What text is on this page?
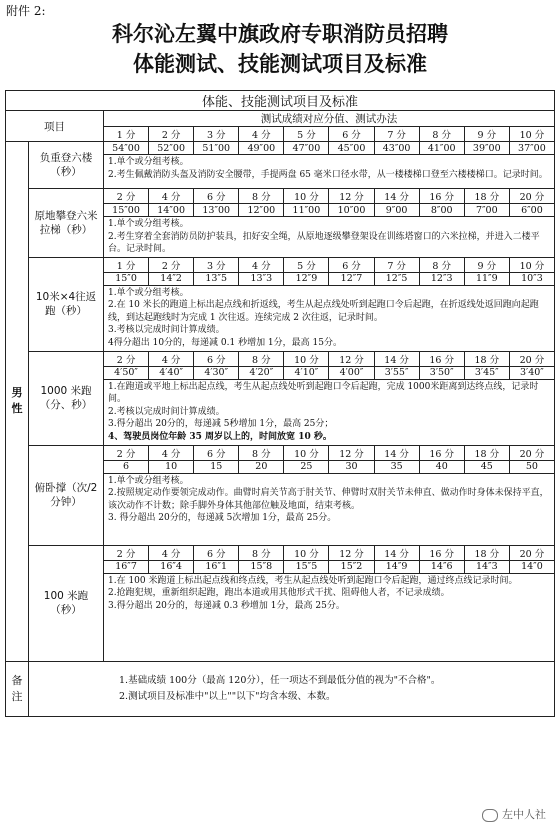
附件 2:
科尔沁左翼中旗政府专职消防员招聘
体能测试、技能测试项目及标准
体能、技能测试项目及标准											
项目		测试成绩对应分值、测试办法									
		1 分	2 分	3 分	4 分	5 分	6 分	7 分	8 分	9 分	10 分
男性	负重登六楼（秒）	54″00	52″00	51″00	49″00	47″00	45″00	43″00	41″00	39″00	37″00

		1.单个或分组考核。
2.考生佩戴消防头盔及消防安全腰带，手提两盘 65 毫米口径水带，从一楼楼梯口登至六楼楼梯口。记录时间。									

	原地攀登六米拉梯（秒）	2 分	4 分	6 分	8 分	10 分	12 分	14 分	16 分	18 分	20 分
		15″00	14″00	13″00	12″00	11″00	10″00	9″00	8″00	7″00	6″00

		1.单个或分组考核。
2.考生穿着全套消防员防护装具，扣好安全绳，从原地逐级攀登架设在训练塔窗口的六米拉梯，并进入二楼平台。记录时间。									

	10米×4往返跑（秒）	1 分	2 分	3 分	4 分	5 分	6 分	7 分	8 分	9 分	10 分
		15″0	14″2	13″5	13″3	12″9	12″7	12″5	12″3	11″9	10″3

		1.单个或分组考核。
2.在 10 米长的跑道上标出起点线和折返线，考生从起点线处听到起跑口令后起跑，在折返线处返回跑向起跑线，到达起跑线时为完成 1 次往返。连续完成 2 次往返，记录时间。
3.考核以完成时间计算成绩。
4得分超出 10分的，每递减 0.1 秒增加 1分，最高 15分。									

	1000 米跑（分、秒）	2 分	4 分	6 分	8 分	10 分	12 分	14 分	16 分	18 分	20 分
		4′50″	4′40″	4′30″	4′20″	4′10″	4′00″	3′55″	3′50″	3′45″	3′40″

		1.在跑道或平地上标出起点线，考生从起点线处听到起跑口令后起跑，完成 1000米距离到达终点线，记录时间。
2.考核以完成时间计算成绩。
3.得分超出 20分的，每递减 5秒增加 1分，最高 25分；
4、驾驶员岗位年龄 35 周岁以上的，时间放宽 10 秒。									

	俯卧撑（次/2 分钟）	2 分	4 分	6 分	8 分	10 分	12 分	14 分	16 分	18 分	20 分
		6	10	15	20	25	30	35	40	45	50

		1.单个或分组考核。
2.按照规定动作要领完成动作。曲臂时肩关节高于肘关节、伸臂时双肘关节未伸直、做动作时身体未保持平直，该次动作不计数；除手脚外身体其他部位触及地面，结束考核。
3. 得分超出 20分的，每递减 5次增加 1分，最高 25分。									

	100 米跑（秒）	2 分	4 分	6 分	8 分	10 分	12 分	14 分	16 分	18 分	20 分
		16″7	16″4	16″1	15″8	15″5	15″2	14″9	14″6	14″3	14″0

		1.在 100 米跑道上标出起点线和终点线，考生从起点线处听到起跑口令后起跑，通过终点线记录时间。
2.抢跑犯规，重新组织起跑，跑出本道或用其他形式干扰、阻碍他人者，不记录成绩。
3.得分超出 20分的，每递减 0.3 秒增加 1分，最高 25分。									

备注	1.基础成绩 100分（最高 120分），任一项达不到最低分值的视为"不合格"。
2.测试项目及标准中"以上""以下"均含本级、本数。										
左中人社
